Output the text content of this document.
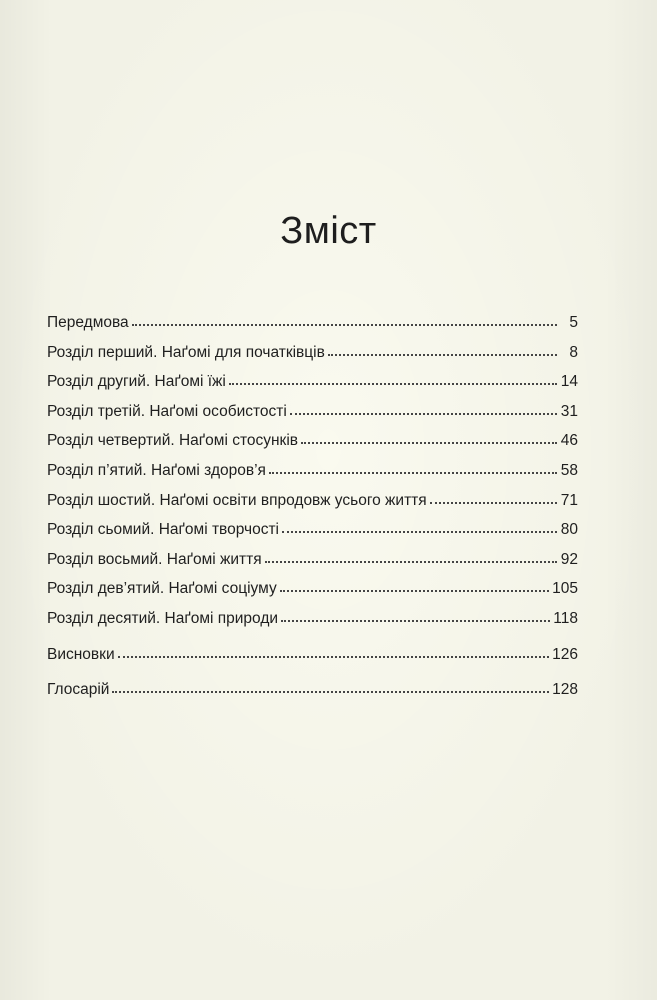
Зміст
Передмова	5
Розділ перший. Наґомі для початківців	8
Розділ другий. Наґомі їжі	14
Розділ третій. Наґомі особистості	31
Розділ четвертий. Наґомі стосунків	46
Розділ п’ятий. Наґомі здоров’я	58
Розділ шостий. Наґомі освіти впродовж усього життя	71
Розділ сьомий. Наґомі творчості	80
Розділ восьмий. Наґомі життя	92
Розділ дев’ятий. Наґомі соціуму	105
Розділ десятий. Наґомі природи	118
Висновки	126
Глосарій	128
